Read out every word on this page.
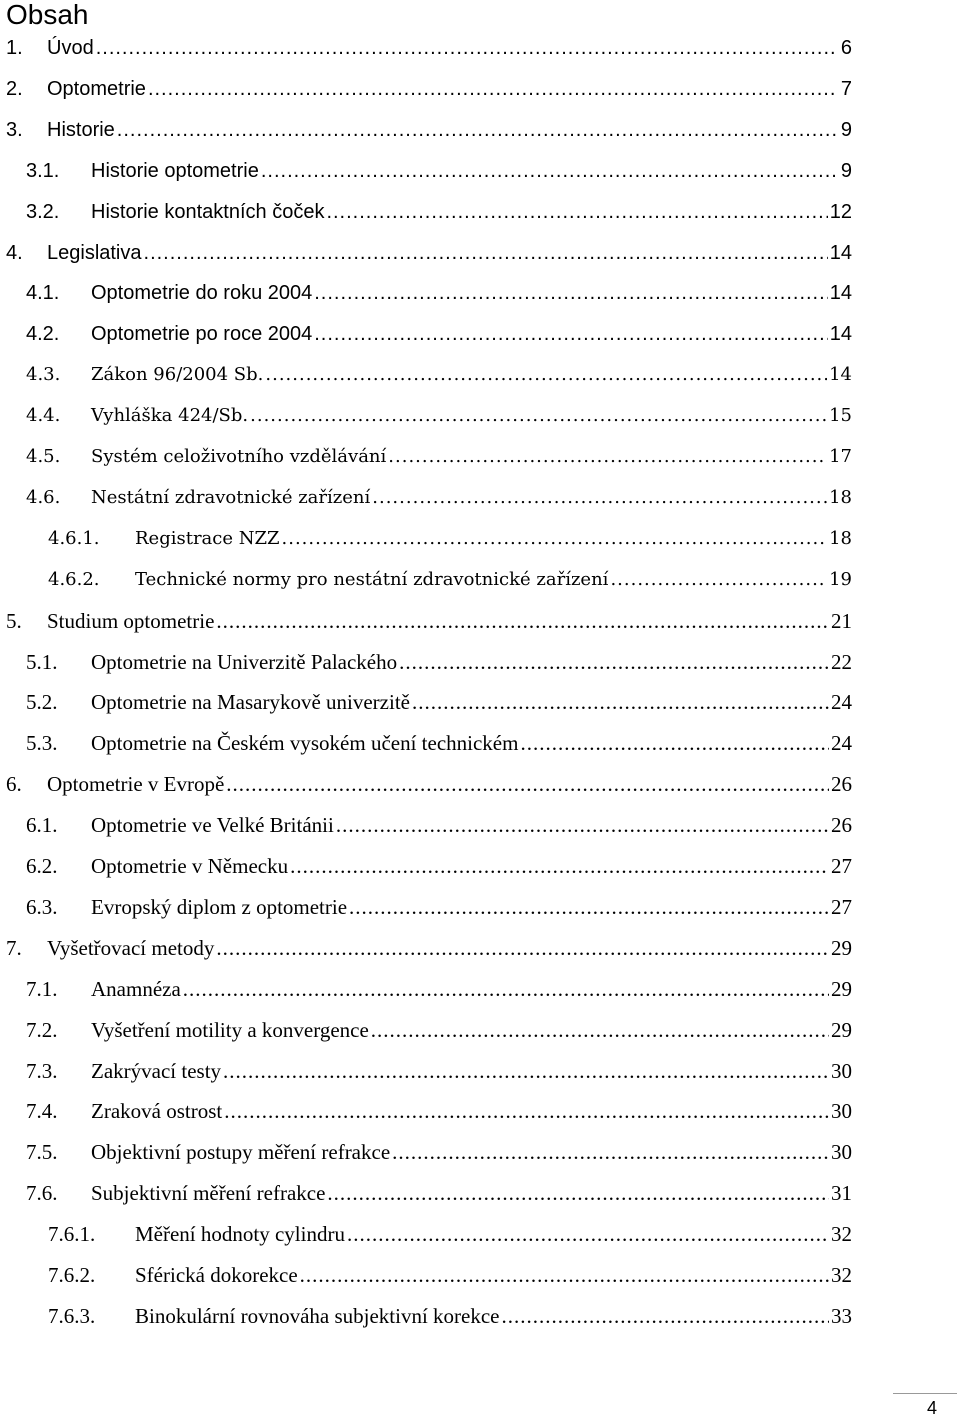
Obsah
1.	Úvod .....	6
2.	Optometrie .....	7
3.	Historie .....	9
3.1.	Historie optometrie .....	9
3.2.	Historie kontaktních čoček .....	12
4.	Legislativa .....	14
4.1.	Optometrie do roku 2004 .....	14
4.2.	Optometrie po roce 2004 .....	14
4.3.	Zákon 96/2004 Sb. .....	14
4.4.	Vyhláška 424/Sb. .....	15
4.5.	Systém celoživotního vzdělávání .....	17
4.6.	Nestátní zdravotnické zařízení .....	18
4.6.1.	Registrace NZZ .....	18
4.6.2.	Technické normy pro nestátní zdravotnické zařízení .....	19
5.	Studium optometrie .....	21
5.1.	Optometrie na Univerzitě Palackého .....	22
5.2.	Optometrie na Masarykově univerzitě .....	24
5.3.	Optometrie na Českém vysokém učení technickém .....	24
6.	Optometrie v Evropě .....	26
6.1.	Optometrie ve Velké Británii .....	26
6.2.	Optometrie v Německu .....	27
6.3.	Evropský diplom z optometrie .....	27
7.	Vyšetřovací metody .....	29
7.1.	Anamnéza .....	29
7.2.	Vyšetření motility a konvergence .....	29
7.3.	Zakrývací testy .....	30
7.4.	Zraková ostrost .....	30
7.5.	Objektivní postupy měření refrakce .....	30
7.6.	Subjektivní měření refrakce .....	31
7.6.1.	Měření hodnoty cylindru .....	32
7.6.2.	Sférická dokorekce .....	32
7.6.3.	Binokulární rovnováha subjektivní korekce .....	33
4
